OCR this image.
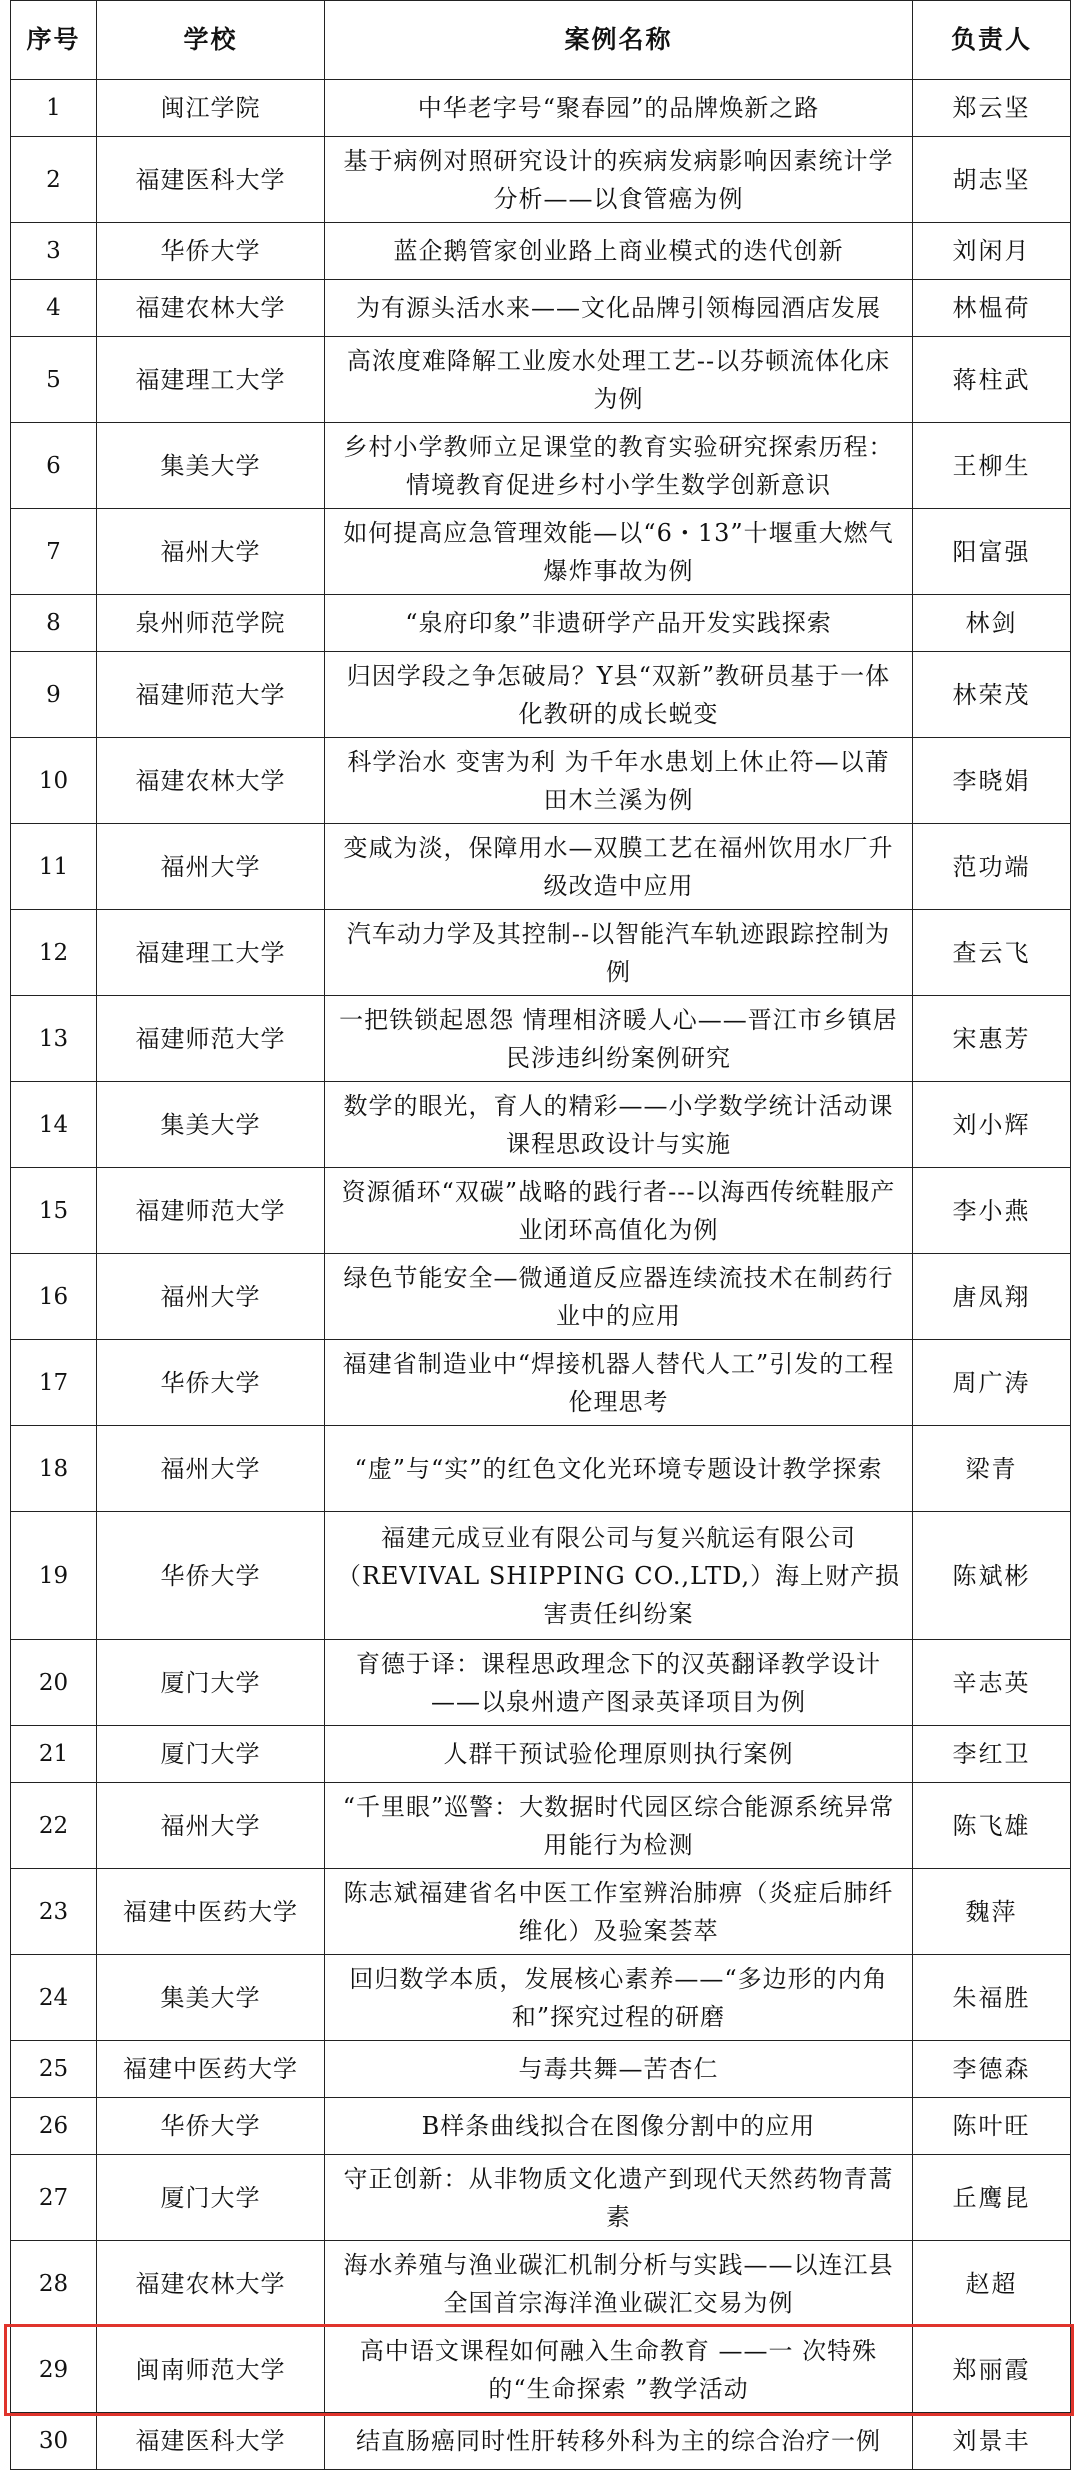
序号	学校	案例名称	负责人
1	闽江学院	中华老字号“聚春园”的品牌焕新之路	郑云坚
2	福建医科大学	基于病例对照研究设计的疾病发病影响因素统计学分析——以食管癌为例	胡志坚
3	华侨大学	蓝企鹅管家创业路上商业模式的迭代创新	刘闲月
4	福建农林大学	为有源头活水来——文化品牌引领梅园酒店发展	林榅荷
5	福建理工大学	高浓度难降解工业废水处理工艺--以芬顿流体化床为例	蒋柱武
6	集美大学	乡村小学教师立足课堂的教育实验研究探索历程：情境教育促进乡村小学生数学创新意识	王柳生
7	福州大学	如何提高应急管理效能—以“6・13”十堰重大燃气爆炸事故为例	阳富强
8	泉州师范学院	“泉府印象”非遗研学产品开发实践探索	林剑
9	福建师范大学	归因学段之争怎破局？Y县“双新”教研员基于一体化教研的成长蜕变	林荣茂
10	福建农林大学	科学治水 变害为利 为千年水患划上休止符—以莆田木兰溪为例	李晓娟
11	福州大学	变咸为淡，保障用水—双膜工艺在福州饮用水厂升级改造中应用	范功端
12	福建理工大学	汽车动力学及其控制--以智能汽车轨迹跟踪控制为例	查云飞
13	福建师范大学	一把铁锁起恩怨 情理相济暖人心——晋江市乡镇居民涉违纠纷案例研究	宋惠芳
14	集美大学	数学的眼光，育人的精彩——小学数学统计活动课课程思政设计与实施	刘小辉
15	福建师范大学	资源循环“双碳”战略的践行者---以海西传统鞋服产业闭环高值化为例	李小燕
16	福州大学	绿色节能安全—微通道反应器连续流技术在制药行业中的应用	唐凤翔
17	华侨大学	福建省制造业中“焊接机器人替代人工”引发的工程伦理思考	周广涛
18	福州大学	“虚”与“实”的红色文化光环境专题设计教学探索	梁青
19	华侨大学	福建元成豆业有限公司与复兴航运有限公司（REVIVAL SHIPPING CO.,LTD,）海上财产损害责任纠纷案	陈斌彬
20	厦门大学	育德于译：课程思政理念下的汉英翻译教学设计——以泉州遗产图录英译项目为例	辛志英
21	厦门大学	人群干预试验伦理原则执行案例	李红卫
22	福州大学	“千里眼”巡警：大数据时代园区综合能源系统异常用能行为检测	陈飞雄
23	福建中医药大学	陈志斌福建省名中医工作室辨治肺痹（炎症后肺纤维化）及验案荟萃	魏萍
24	集美大学	回归数学本质，发展核心素养——“多边形的内角和”探究过程的研磨	朱福胜
25	福建中医药大学	与毒共舞—苦杏仁	李德森
26	华侨大学	B样条曲线拟合在图像分割中的应用	陈叶旺
27	厦门大学	守正创新：从非物质文化遗产到现代天然药物青蒿素	丘鹰昆
28	福建农林大学	海水养殖与渔业碳汇机制分析与实践——以连江县全国首宗海洋渔业碳汇交易为例	赵超
29	闽南师范大学	高中语文课程如何融入生命教育 ——一 次特殊的“生命探索 ”教学活动	郑丽霞
30	福建医科大学	结直肠癌同时性肝转移外科为主的综合治疗一例	刘景丰
